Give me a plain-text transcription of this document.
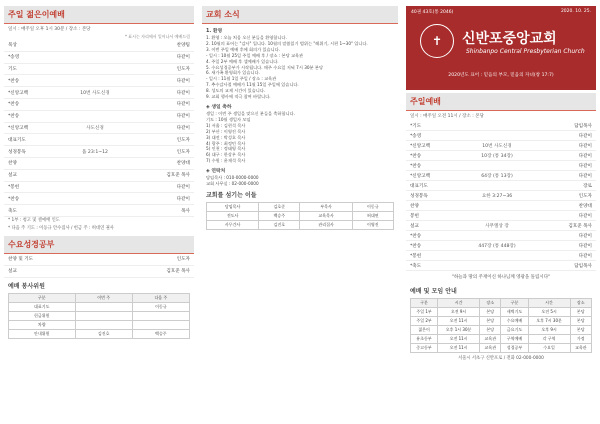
주일 젊은이예배
일시 : 매주일 오후 1시 30분 / 장소 : 본당
* 표시는 자리에서 일어나서 예배드림
묵상	찬양팀
*송영	다같이
기도	인도자
*찬송	다같이
*신앙고백	10번 사도신경	다같이
*찬송	다같이
*찬송	다같이
*신앙고백	사도신경	다같이
대표기도	인도자
성경봉독	욥 23:1~12	인도자
찬양	찬양대
설교	김호준 목사
*봉헌	다같이
*찬송	다같이
축도	목사
* 1부 : 청고 및 셀예배 인도
* 다음 주 기도 : 이동규 안수집사 / 헌금 주 : 허대연 권사
수요성경공부
찬양 및 기도	인도자
설교	김호준 목사
예배 봉사위원
구분	이번 주	다음 주
대표기도		이동규
헌금위원		
차량		
안내위원	김진호	백승주
교회 소식
1. 환영
1. 환영 : 오늘 처음 오신 분들을 환영합니다.
2. 10월의 표어는 "감사" 입니다. 10월의 말씀읽기 범위는 "레위기, 시편 1~30" 입니다.
3. 이번 주일 예배 후에 회의가 있습니다.
- 일시 : 10월 25일 주일 예배 후 / 장소 : 본당 교육관
4. 주일 2부 예배 후 셀예배가 있습니다.
5. 수요성경공부가 시작됩니다. 매주 수요일 저녁 7시 30분 본당
6. 새가족 환영회가 있습니다.
- 일시 : 11월 1일 주일 / 장소 : 교육관
7. 추수감사절 예배가 11월 15일 주일에 있습니다.
8. 성도의 교제 시간이 있습니다.
9. 교회 행사에 적극 참여 바랍니다.
◈ 생일 축하
생일 : 이번 주 생일을 맞으신 분들을 축하합니다.
기도 : 10월 생일자 모임
1) 서울 : 김현석 목사
2) 부산 : 이영진 목사
3) 대전 : 박성호 목사
4) 광주 : 최정민 목사
5) 인천 : 정태영 목사
6) 대구 : 한상우 목사
7) 수원 : 윤재석 목사
◈ 연락처
담임목사 : 010-0000-0000
교회 사무실 : 02-000-0000
교회를 섬기는 이들
담임목사	김호준	부목사	이동규
전도사	백승주	교육목사	허대연
사무간사	김진호	관리집사	이영진
40권 43호(통 2046)	2020. 10. 25.
✝	신반포중앙교회
Shinbanpo Central Presbyterian Church
2020년도 표어 : 믿음의 부모, 믿음의 자녀(창 17:7)
주일예배
일시 : 매주일 오전 11시 / 장소 : 본당
*기도	담임목사
*송영	다같이
*신앙고백	10번 사도신경	다같이
*찬송	10장 (통 34장)	다같이
*찬송	다같이
*신앙고백	64장 (통 13장)	다같이
대표기도	장로
성경봉독	요한 3:27~36	인도자
찬양	찬양대
봉헌	다같이
설교	사무엘상 장	김호준 목사
*찬송	다같이
*찬송	447장 (통 448장)	다같이
*봉헌	다같이
*축도	담임목사
"하늘과 땅의 주재이신 하나님께 영광을 돌립시다"
예배 및 모임 안내
구분	시간	장소	구분	시간	장소
주일 1부	오전 9시	본당	새벽기도	오전 5시	본당
주일 2부	오전 11시	본당	수요예배	오후 7시 30분	본당
젊은이	오후 1시 30분	본당	금요기도	오후 9시	본당
유초등부	오전 11시	교육관	구역예배	각 구역	가정
중고등부	오전 11시	교육관	성경공부	수요일	교육관
서울시 서초구 신반포로 / 전화 02-000-0000
